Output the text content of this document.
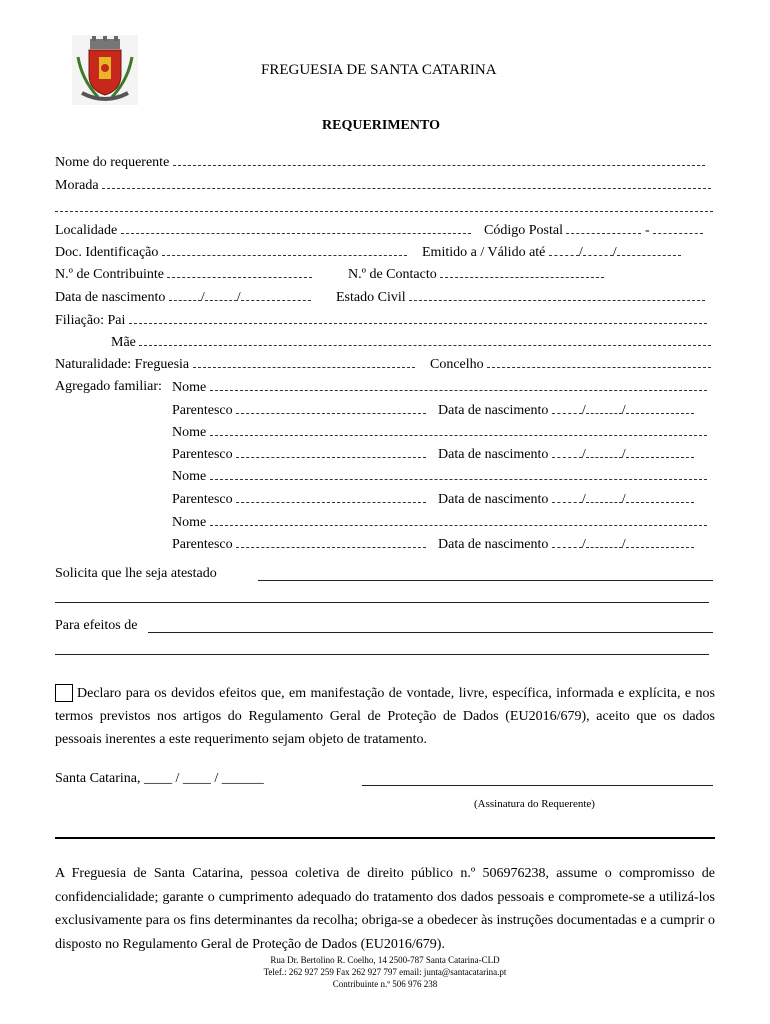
FREGUESIA DE SANTA CATARINA
REQUERIMENTO
Nome do requerente
Morada
Localidade	Código Postal	-
Doc. Identificação	Emitido a / Válido até / /
N.º de Contribuinte	N.º de Contacto
Data de nascimento	/ /	Estado Civil
Filiação: Pai
Mãe
Naturalidade: Freguesia	Concelho
Agregado familiar: Nome
Parentesco	Data de nascimento /	/
Nome
Parentesco	Data de nascimento /	/
Nome
Parentesco	Data de nascimento /	/
Nome
Parentesco	Data de nascimento /	/
Solicita que lhe seja atestado
Para efeitos de
Declaro para os devidos efeitos que, em manifestação de vontade, livre, específica, informada e explícita, e nos termos previstos nos artigos do Regulamento Geral de Proteção de Dados (EU2016/679), aceito que os dados pessoais inerentes a este requerimento sejam objeto de tratamento.
Santa Catarina, ____ / ____ / ______
(Assinatura do Requerente)
A Freguesia de Santa Catarina, pessoa coletiva de direito público n.º 506976238, assume o compromisso de confidencialidade; garante o cumprimento adequado do tratamento dos dados pessoais e compromete-se a utilizá-los exclusivamente para os fins determinantes da recolha; obriga-se a obedecer às instruções documentadas e a cumprir o disposto no Regulamento Geral de Proteção de Dados (EU2016/679).
Rua Dr. Bertolino R. Coelho, 14 2500-787 Santa Catarina-CLD
Telef.: 262 927 259 Fax 262 927 797 email: junta@santacatarina.pt
Contribuinte n.º 506 976 238
